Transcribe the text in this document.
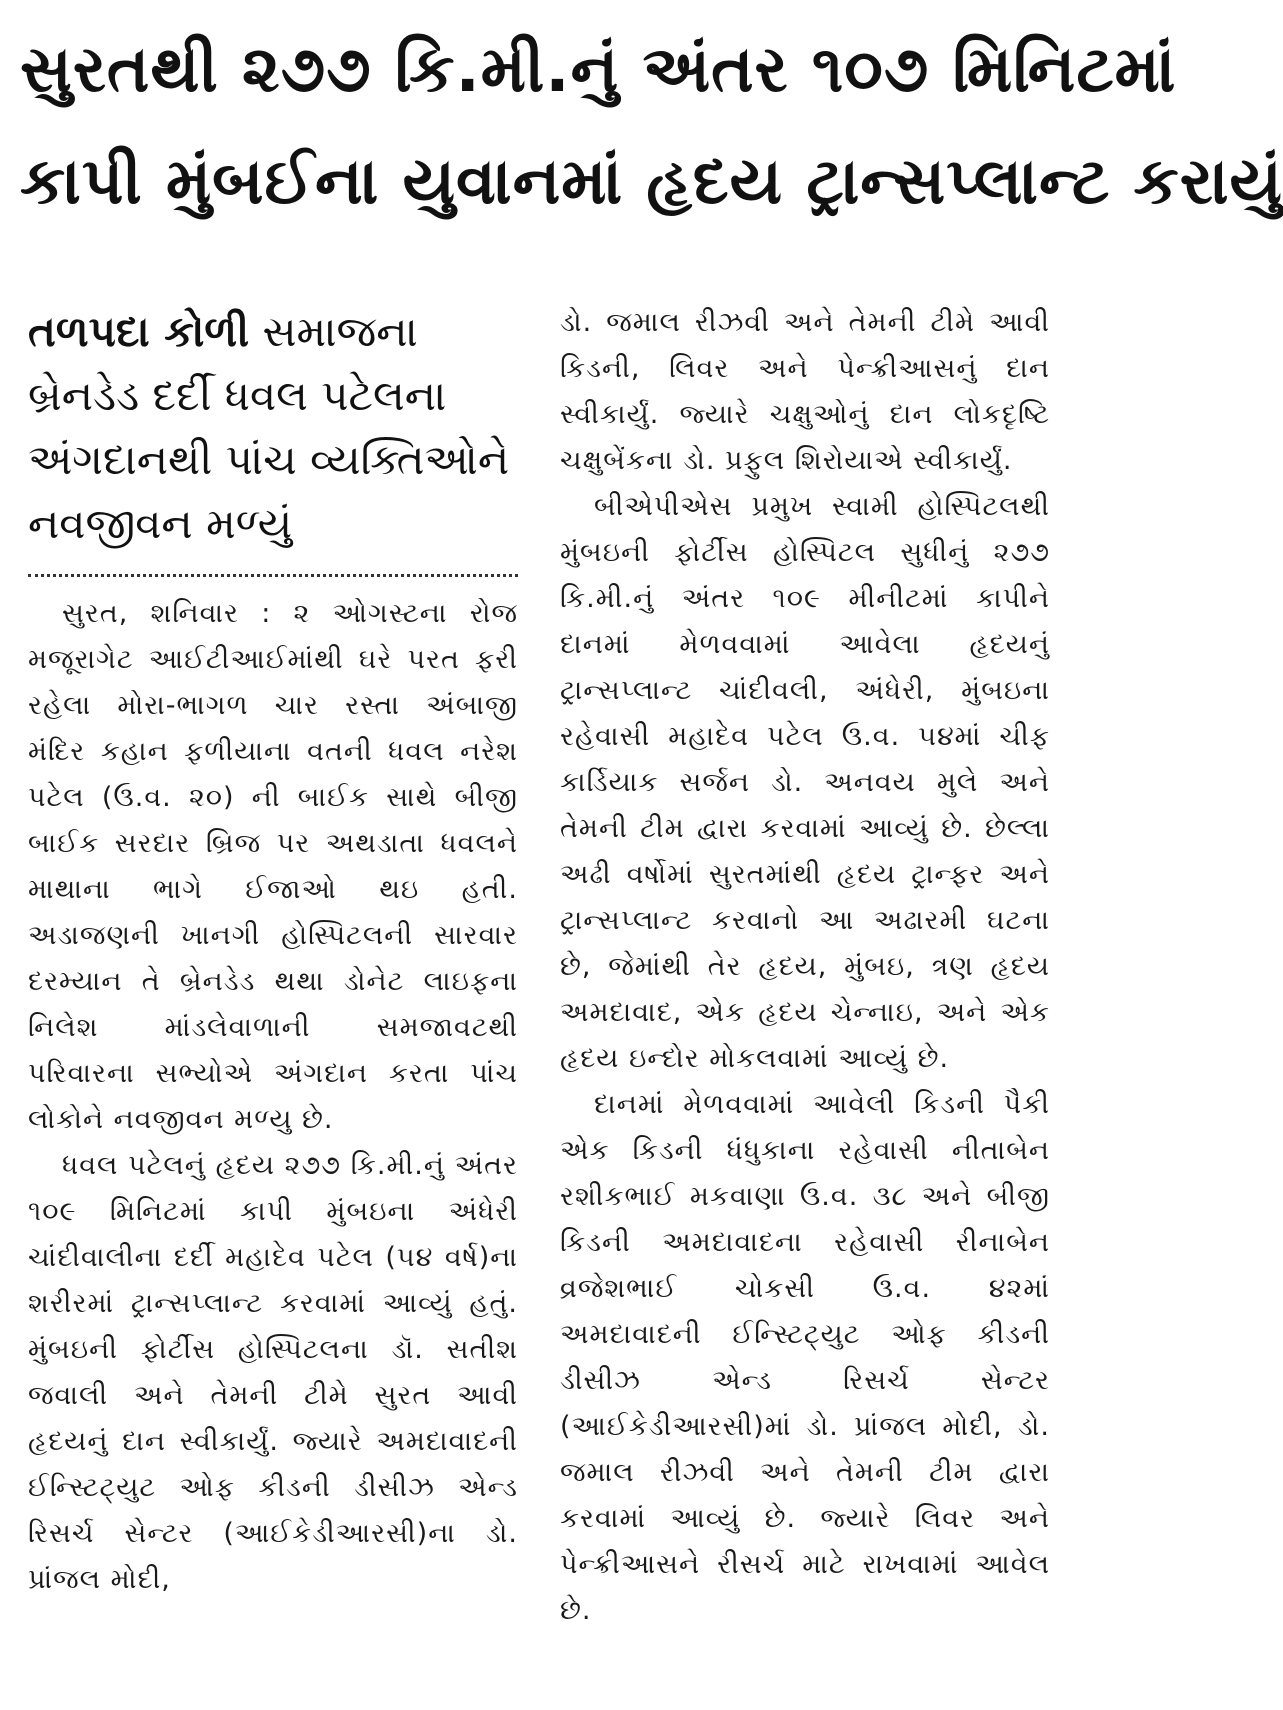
સુરતથી ૨૭૭ કિ.મી.નું અંતર ૧૦૭ મિનિટમાં
કાપી મુંબઈના યુવાનમાં હૃદય ટ્રાન્સપ્લાન્ટ કરાયું

તળપદા કોળી સમાજના બ્રેનડેડ દર્દી ધવલ પટેલના અંગદાનથી પાંચ વ્યક્તિઓને નવજીવન મળ્યું

સુરત, શનિવાર : ૨ ઓગસ્ટના રોજ મજૂરાગેટ આઈટીઆઈમાંથી ઘરે પરત ફરી રહેલા મોરા-ભાગળ ચાર રસ્તા અંબાજી મંદિર કહાન ફળીયાના વતની ધવલ નરેશ પટેલ (ઉ.વ. ૨૦) ની બાઈક સાથે બીજી બાઈક સરદાર બ્રિજ પર અથડાતા ધવલને માથાના ભાગે ઈજાઓ થઇ હતી. અડાજણની ખાનગી હોસ્પિટલની સારવાર દરમ્યાન તે બ્રેનડેડ થથા ડોનેટ લાઇફના નિલેશ માંડલેવાળાની સમજાવટથી પરિવારના સભ્યોએ અંગદાન કરતા પાંચ લોકોને નવજીવન મળ્યુ છે.

ધવલ પટેલનું હૃદય ૨૭૭ કિ.મી.નું અંતર ૧૦૯ મિનિટમાં કાપી મુંબઇના અંધેરી ચાંદીવાલીના દર્દી મહાદેવ પટેલ (૫૪ વર્ષ)ના શરીરમાં ટ્રાન્સપ્લાન્ટ કરવામાં આવ્યું હતું. મુંબઇની ફોર્ટીસ હોસ્પિટલના ડૉ. સતીશ જવાલી અને તેમની ટીમે સુરત આવી હૃદયનું દાન સ્વીકાર્યું. જ્યારે અમદાવાદની ઈન્સ્ટિટ્યુટ ઓફ કીડની ડીસીઝ એન્ડ રિસર્ચ સેન્ટર (આઈકેડીઆરસી)ના ડો. પ્રાંજલ મોદી,

ડો. જમાલ રીઝવી અને તેમની ટીમે આવી કિડની, લિવર અને પેન્ક્રીઆસનું દાન સ્વીકાર્યું. જ્યારે ચક્ષુઓનું દાન લોકદૃષ્ટિ ચક્ષુબેંકના ડો. પ્રફુલ શિરોયાએ સ્વીકાર્યું.

બીએપીએસ પ્રમુખ સ્વામી હોસ્પિટલથી મુંબઇની ફોર્ટીસ હોસ્પિટલ સુધીનું ૨૭૭ કિ.મી.નું અંતર ૧૦૯ મીનીટમાં કાપીને દાનમાં મેળવવામાં આવેલા હૃદયનું ટ્રાન્સપ્લાન્ટ ચાંદીવલી, અંધેરી, મુંબઇના રહેવાસી મહાદેવ પટેલ ઉ.વ. ૫૪માં ચીફ કાર્ડિયાક સર્જન ડો. અનવય મુલે અને તેમની ટીમ દ્વારા કરવામાં આવ્યું છે. છેલ્લા અઢી વર્ષોમાં સુરતમાંથી હૃદય ટ્રાન્ફર અને ટ્રાન્સપ્લાન્ટ કરવાનો આ અઢારમી ઘટના છે, જેમાંથી તેર હૃદય, મુંબઇ, ત્રણ હૃદય અમદાવાદ, એક હૃદય ચેન્નાઇ, અને એક હૃદય ઇન્દોર મોકલવામાં આવ્યું છે.

દાનમાં મેળવવામાં આવેલી કિડની પૈકી એક કિડની ધંધુકાના રહેવાસી નીતાબેન રશીકભાઈ મકવાણા ઉ.વ. ૩૮ અને બીજી કિડની અમદાવાદના રહેવાસી રીનાબેન વ્રજેશભાઈ ચોકસી ઉ.વ. ૪૨માં અમદાવાદની ઈન્સ્ટિટ્યુટ ઓફ કીડની ડીસીઝ એન્ડ રિસર્ચ સેન્ટર (આઈકેડીઆરસી)માં ડો. પ્રાંજલ મોદી, ડો. જમાલ રીઝવી અને તેમની ટીમ દ્વારા કરવામાં આવ્યું છે. જ્યારે લિવર અને પેન્ક્રીઆસને રીસર્ચ માટે રાખવામાં આવેલ છે.
